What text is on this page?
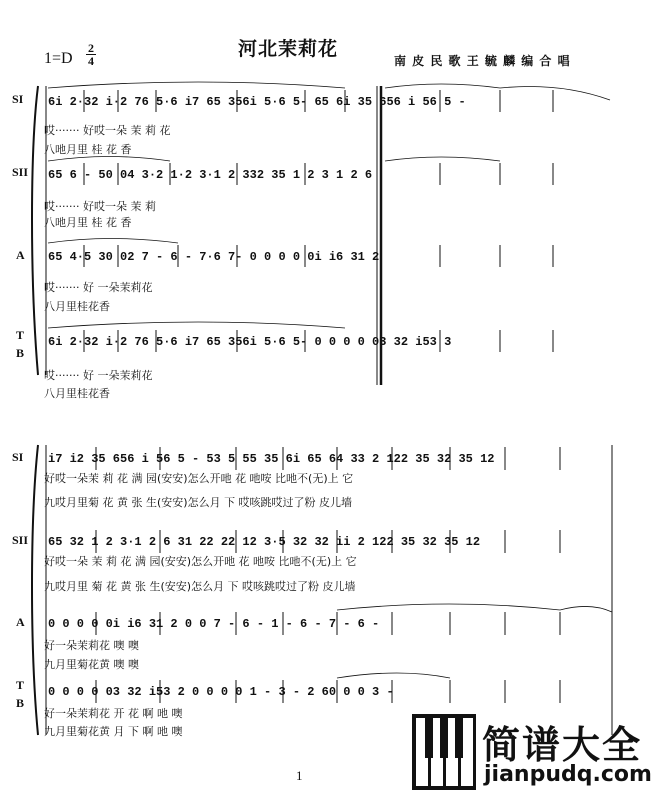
河北茉莉花
1=D
2
4	南 皮 民 歌 王 毓 麟 编 合 唱
SI
SII
A
T B
6i 2·32 i·2 76 5·6 i7 65 356i 5·6 5- 65 6i 35 656 i 56 5 -
哎······· 好哎一朵 茉 莉 花
八吔月里 桂 花 香
65 6 - 50 04 3·2 1·2 3·1 2 332 35 1 2 3 1 2 6
哎······· 好哎一朵 茉 莉
八吔月里 桂 花 香
65 4·5 30 02 7 - 6 - 7·6 7- 0 0 0 0 0i i6 31 2
哎······· 好 一朵茉莉花
八月里桂花香
6i 2·32 i·2 76 5·6 i7 65 356i 5·6 5- 0 0 0 0 03 32 i53 3
哎······· 好 一朵茉莉花
八月里桂花香
SI
SII
A
T B
i7 i2 35 656 i 56 5 - 53 5 55 35 6i 65 64 33 2 122 35 32 35 12
好哎一朵茉 莉 花 满 园(安安)怎么开吔 花 吔咹 比吔不(无)上 它
九哎月里菊 花 黄 张 生(安安)怎么月 下 哎咳跳哎过了粉 皮儿墙
65 32 1 2 3·1 2 6 31 22 22 12 3·5 32 32 ii 2 122 35 32 35 12
好哎一朵 茉 莉 花 满 园(安安)怎么开吔 花 吔咹 比吔不(无)上 它
九哎月里 菊 花 黄 张 生(安安)怎么月 下 哎咳跳哎过了粉 皮儿墙
0 0 0 0 0i i6 31 2 0 0 7 - 6 - 1 - 6 - 7 - 6 -
好一朵茉莉花 噢 噢
九月里菊花黄 噢 噢
0 0 0 0 03 32 i53 2 0 0 0 0 1 - 3 - 2 60 0 0 3 -
好一朵茉莉花 开 花 啊 吔 噢
九月里菊花黄 月 下 啊 吔 噢
1
简谱大全
jianpudq.com
